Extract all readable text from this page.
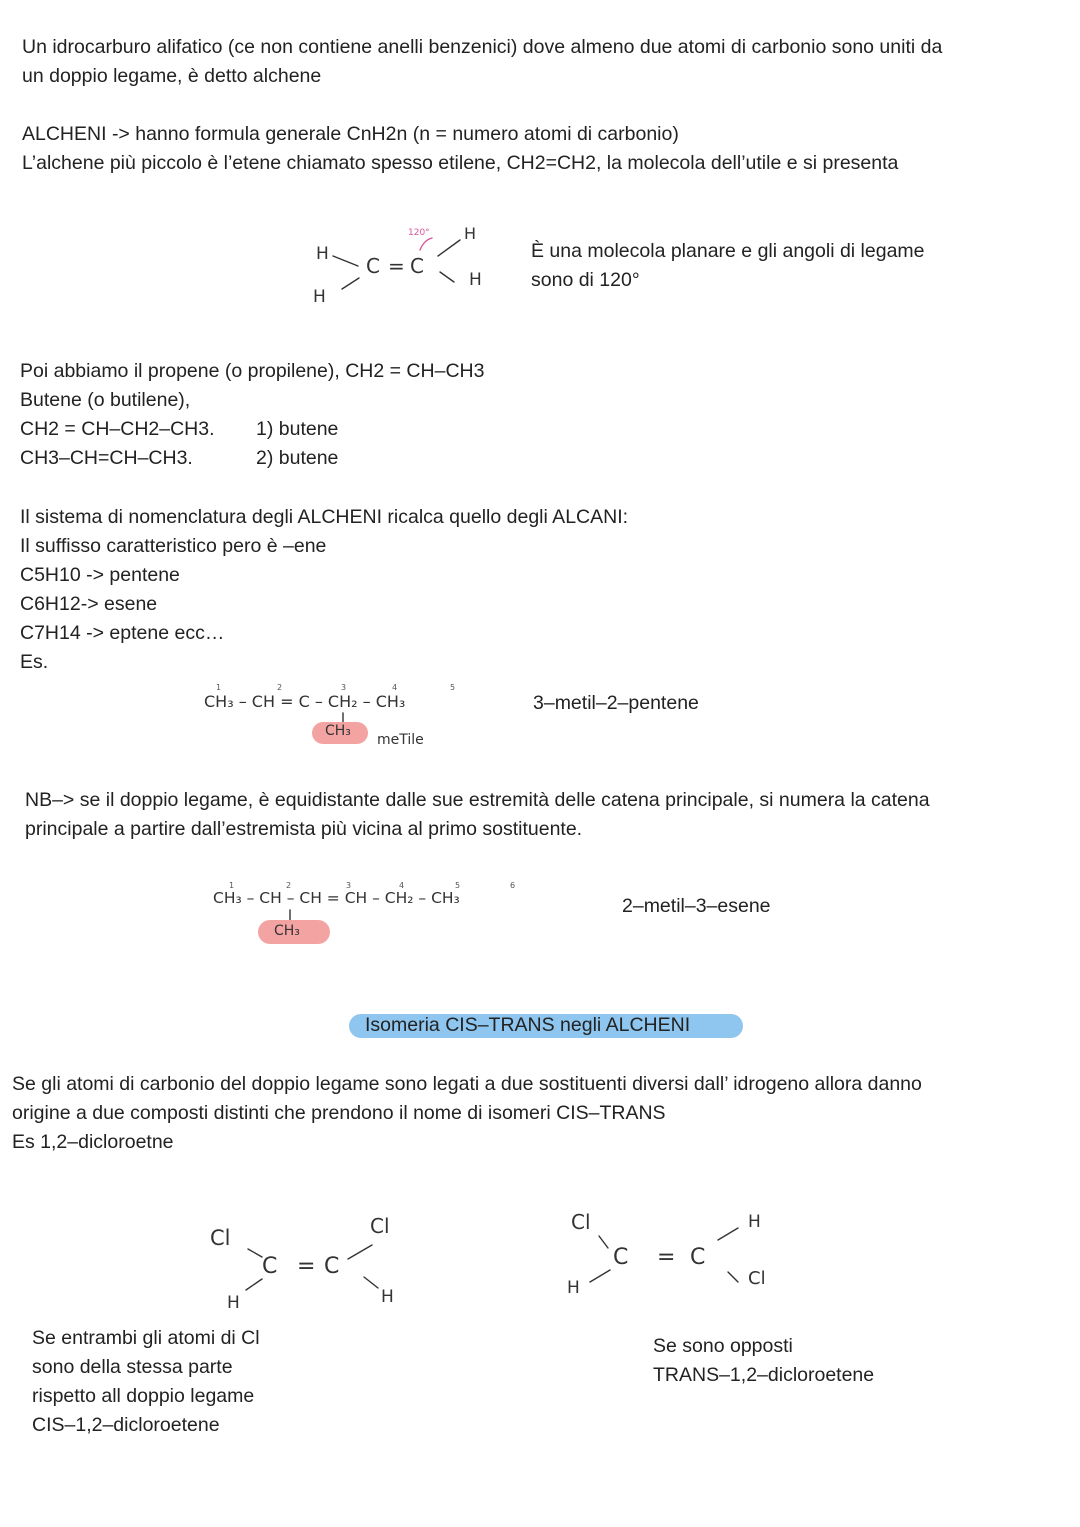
Un idrocarburo alifatico (ce non contiene anelli benzenici) dove almeno due atomi di carbonio sono uniti da

un doppio legame, è detto alchene

ALCHENI -> hanno formula generale CnH2n (n = numero atomi di carbonio)

L’alchene più piccolo è l’etene chiamato spesso etilene, CH2=CH2, la molecola dell’utile e si presenta

H
H
C = C
H
H
120°

È una molecola planare e gli angoli di legame

sono di 120°

Poi abbiamo il propene (o propilene), CH2 = CH–CH3

Butene (o butilene),

CH2 = CH–CH2–CH3. 1) butene

CH3–CH=CH–CH3.	2) butene

Il sistema di nomenclatura degli ALCHENI ricalca quello degli ALCANI:

Il suffisso caratteristico pero è –ene

C5H10 -> pentene

C6H12-> esene

C7H14 -> eptene ecc…

Es.

1	2	3	4	5
CH₃ – CH = C – CH₂ – CH₃
CH₃
meTile

3–metil–2–pentene

NB–> se il doppio legame, è equidistante dalle sue estremità delle catena principale, si numera la catena

principale a partire dall’estremista più vicina al primo sostituente.

1	2	3	4	5	6
CH₃ – CH – CH = CH – CH₂ – CH₃
CH₃

2–metil–3–esene

Isomeria CIS–TRANS negli ALCHENI

Se gli atomi di carbonio del doppio legame sono legati a due sostituenti diversi dall’ idrogeno allora danno

origine a due composti distinti che prendono il nome di isomeri CIS–TRANS

Es 1,2–dicloroetne

Cl	Cl
C = C
H	H
Cl
Cl
C = C
H
H

Se entrambi gli atomi di Cl

sono della stessa parte

rispetto all doppio legame

CIS–1,2–dicloroetene

Se sono opposti

TRANS–1,2–dicloroetene
